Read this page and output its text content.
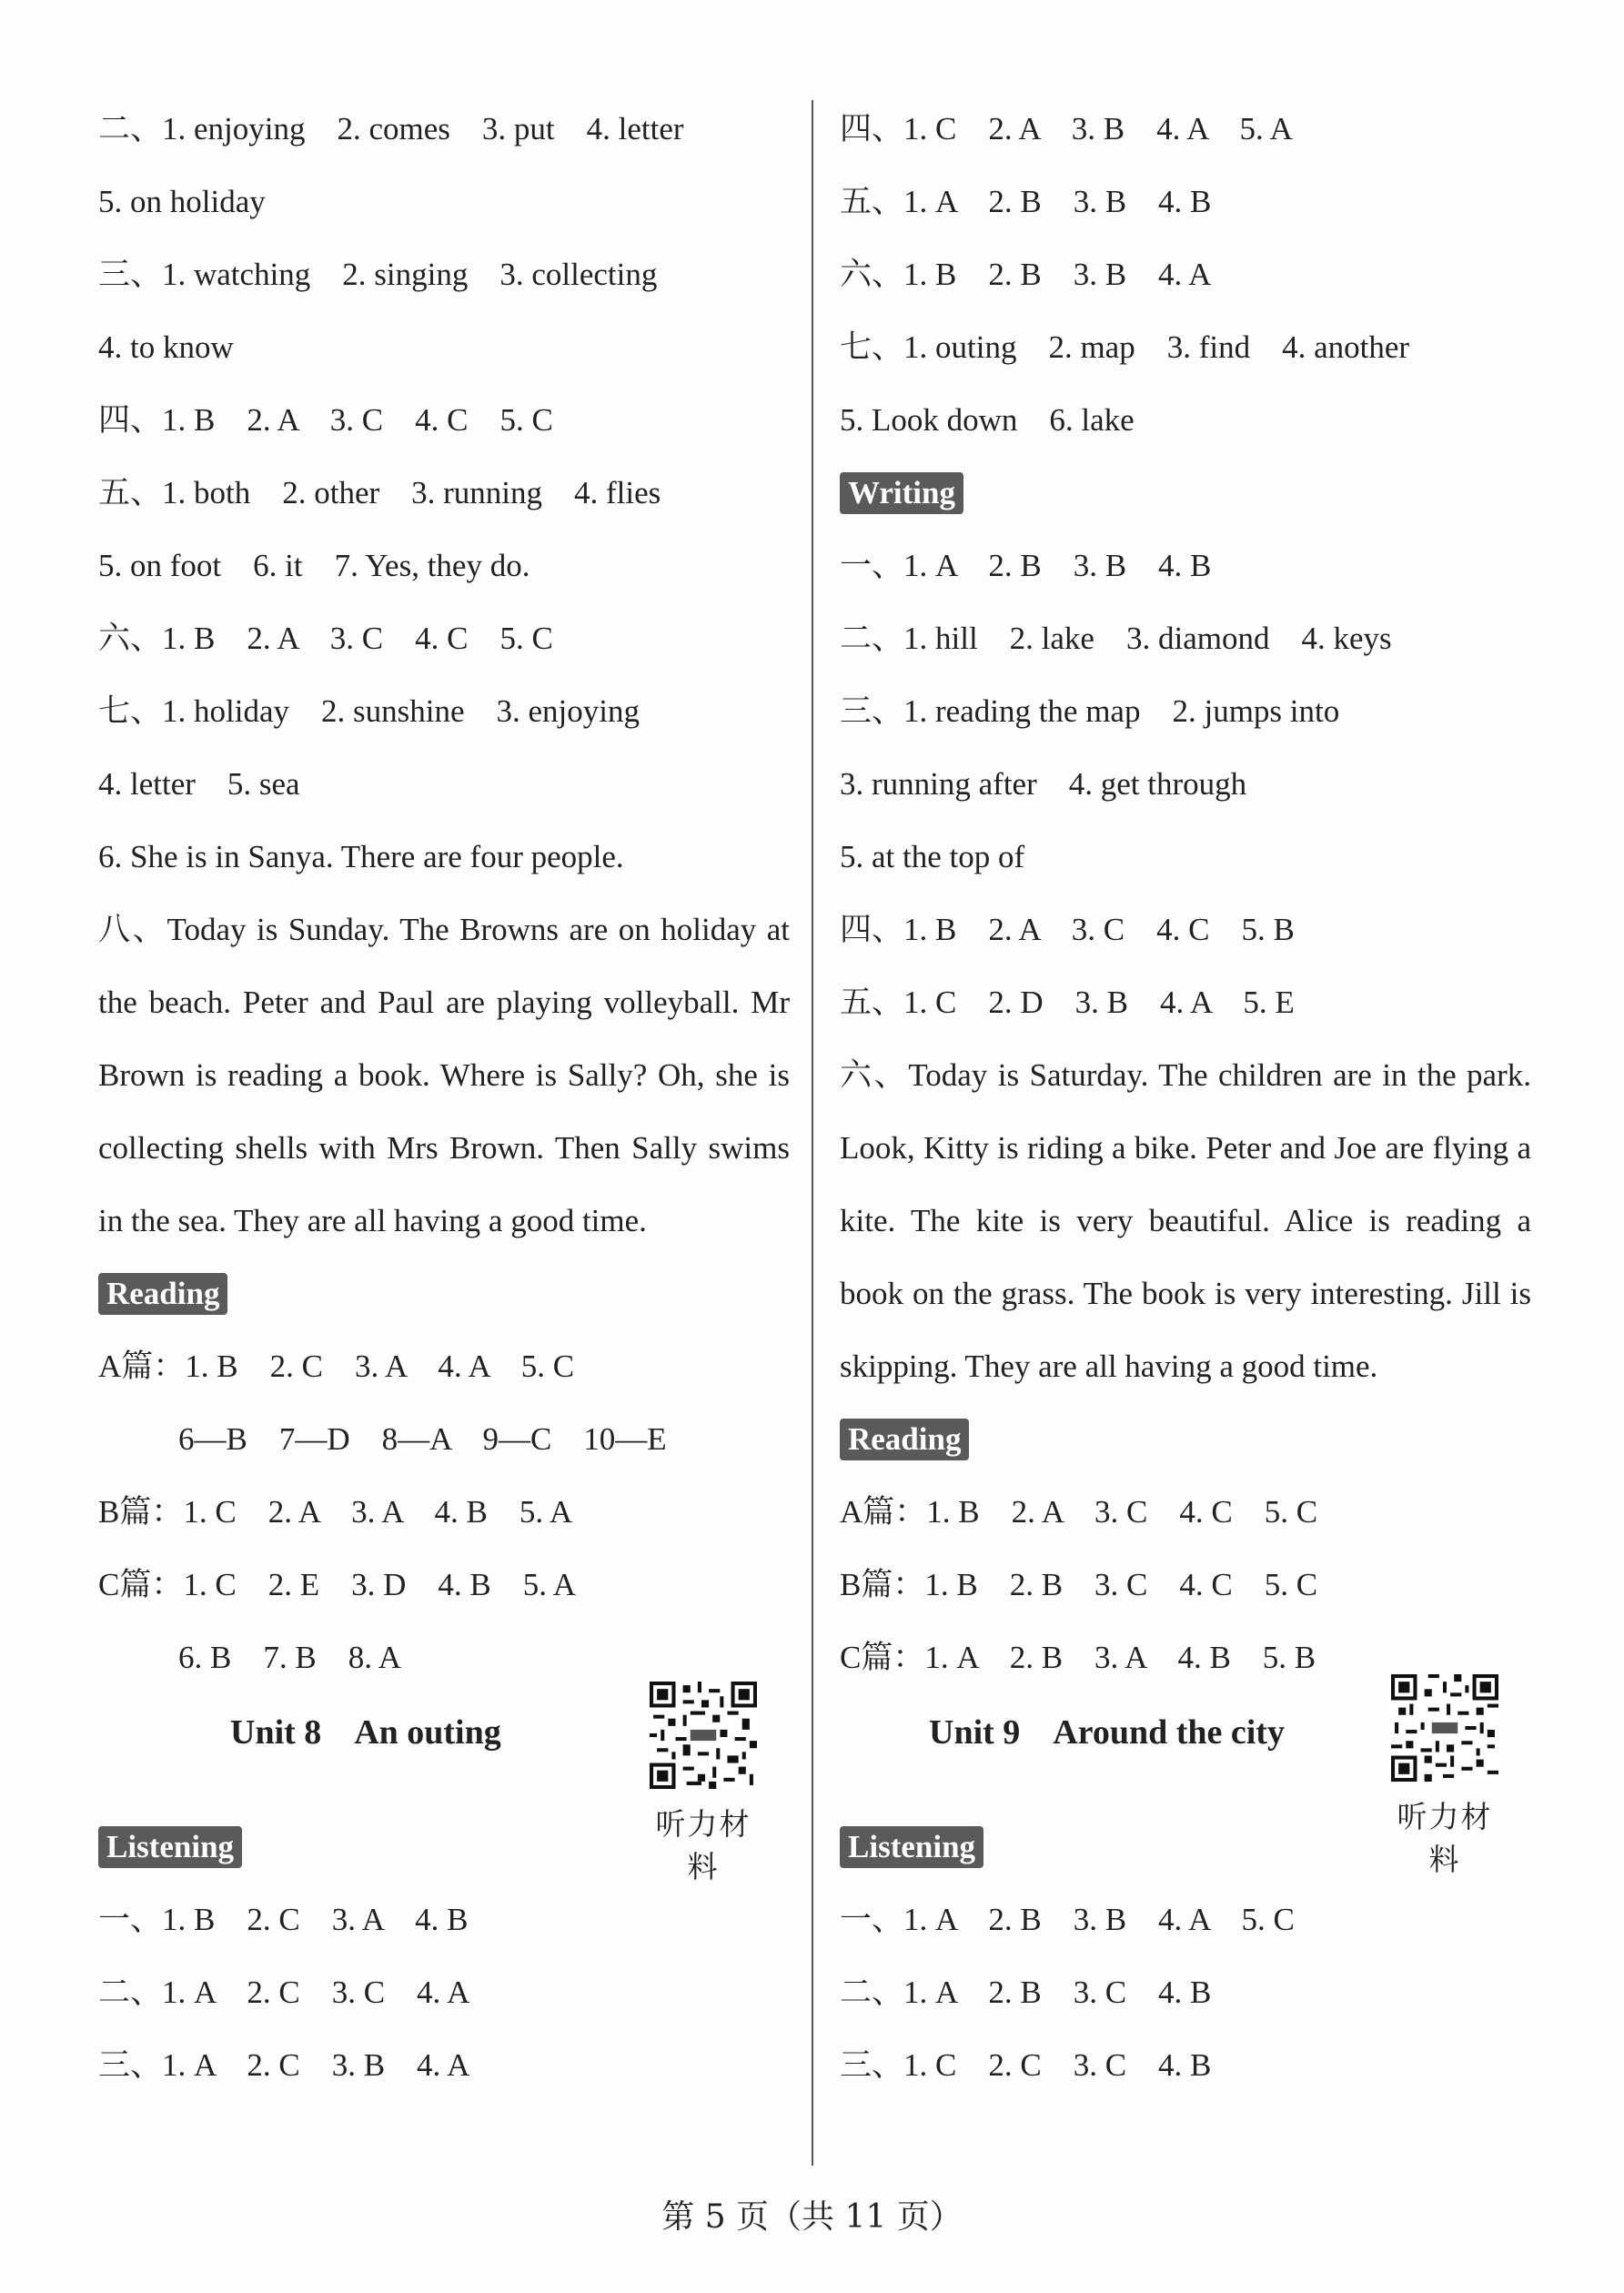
二、1. enjoying    2. comes    3. put    4. letter
5. on holiday
三、1. watching    2. singing    3. collecting
4. to know
四、1. B    2. A    3. C    4. C    5. C
五、1. both    2. other    3. running    4. flies
5. on foot    6. it    7. Yes, they do.
六、1. B    2. A    3. C    4. C    5. C
七、1. holiday    2. sunshine    3. enjoying
4. letter    5. sea
6. She is in Sanya. There are four people.
八、Today is Sunday. The Browns are on holiday at the beach. Peter and Paul are playing volleyball. Mr Brown is reading a book. Where is Sally? Oh, she is collecting shells with Mrs Brown. Then Sally swims in the sea. They are all having a good time.
Reading
A篇：1. B    2. C    3. A    4. A    5. C
6—B    7—D    8—A    9—C    10—E
B篇：1. C    2. A    3. A    4. B    5. A
C篇：1. C    2. E    3. D    4. B    5. A
6. B    7. B    8. A
Unit 8    An outing
听力材料
Listening
一、1. B    2. C    3. A    4. B
二、1. A    2. C    3. C    4. A
三、1. A    2. C    3. B    4. A
四、1. C    2. A    3. B    4. A    5. A
五、1. A    2. B    3. B    4. B
六、1. B    2. B    3. B    4. A
七、1. outing    2. map    3. find    4. another
5. Look down    6. lake
Writing
一、1. A    2. B    3. B    4. B
二、1. hill    2. lake    3. diamond    4. keys
三、1. reading the map    2. jumps into
3. running after    4. get through
5. at the top of
四、1. B    2. A    3. C    4. C    5. B
五、1. C    2. D    3. B    4. A    5. E
六、Today is Saturday. The children are in the park. Look, Kitty is riding a bike. Peter and Joe are flying a kite. The kite is very beautiful. Alice is reading a book on the grass. The book is very interesting. Jill is skipping. They are all having a good time.
Reading
A篇：1. B    2. A    3. C    4. C    5. C
B篇：1. B    2. B    3. C    4. C    5. C
C篇：1. A    2. B    3. A    4. B    5. B
Unit 9    Around the city
听力材料
Listening
一、1. A    2. B    3. B    4. A    5. C
二、1. A    2. B    3. C    4. B
三、1. C    2. C    3. C    4. B
第 5 页（共 11 页）
